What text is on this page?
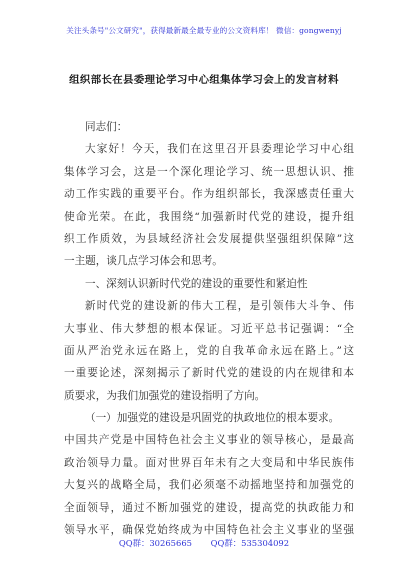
关注头条号"公文研究"，获得最新最全最专业的公文资料库！ 微信：gongwenyj
组织部长在县委理论学习中心组集体学习会上的发言材料
同志们：
大家好！今天，我们在这里召开县委理论学习中心组
集体学习会，这是一个深化理论学习、统一思想认识、推
动工作实践的重要平台。作为组织部长，我深感责任重大
使命光荣。在此，我围绕“加强新时代党的建设，提升组
织工作质效，为县域经济社会发展提供坚强组织保障”这
一主题，谈几点学习体会和思考。
一、深刻认识新时代党的建设的重要性和紧迫性
新时代党的建设新的伟大工程，是引领伟大斗争、伟
大事业、伟大梦想的根本保证。习近平总书记强调：“全
面从严治党永远在路上，党的自我革命永远在路上。”这
一重要论述，深刻揭示了新时代党的建设的内在规律和本
质要求，为我们加强党的建设指明了方向。
（一）加强党的建设是巩固党的执政地位的根本要求。
中国共产党是中国特色社会主义事业的领导核心，是最高
政治领导力量。面对世界百年未有之大变局和中华民族伟
大复兴的战略全局，我们必须毫不动摇地坚持和加强党的
全面领导，通过不断加强党的建设，提高党的执政能力和
领导水平，确保党始终成为中国特色社会主义事业的坚强
QQ群：30265665 QQ群：535304092
